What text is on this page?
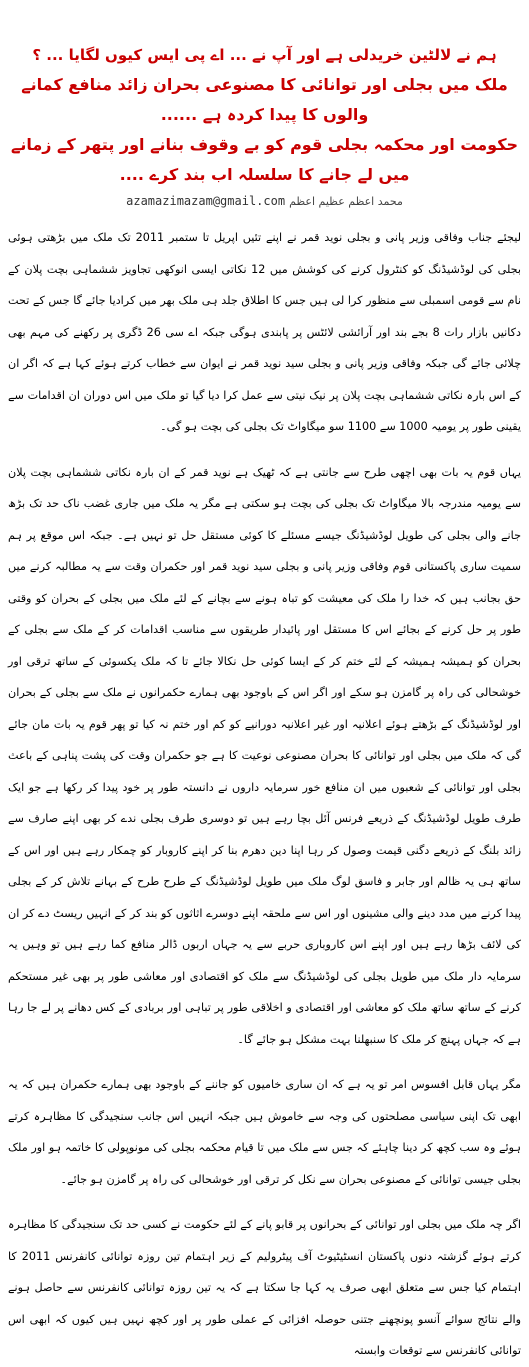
ہم نے لالٹین خریدلی ہے اور آپ نے ... اے پی ایس کیوں لگایا ... ؟

ملک میں بجلی اور توانائی کا مصنوعی بحران زائد منافع کمانے والوں کا پیدا کردہ ہے ......

حکومت اور محکمہ بجلی قوم کو بے وقوف بنانے اور پتھر کے زمانے میں لے جانے کا سلسلہ اب بند کرے ....

azamazimazam@gmail.com محمد اعظم عظیم اعظم

لیجئے جناب وفاقی وزیر پانی و بجلی نوید قمر نے اپنے تئیں اپریل تا ستمبر 2011 تک ملک میں بڑھتی ہوئی بجلی کی لوڈشیڈنگ کو کنٹرول کرنے کی کوشش میں 12 نکاتی ایسی انوکھی تجاویز ششماہی بچت پلان کے نام سے قومی اسمبلی سے منظور کرا لی ہیں جس کا اطلاق جلد ہی ملک بھر میں کرادیا جائے گا جس کے تحت دکانیں بازار رات 8 بجے بند اور آرائشی لائٹس پر پابندی ہوگی جبکہ اے سی 26 ڈگری پر رکھنے کی مہم بھی چلائی جائے گی جبکہ وفاقی وزیر پانی و بجلی سید نوید قمر نے ایوان سے خطاب کرتے ہوئے کہا ہے کہ اگر ان کے اس بارہ نکاتی ششماہی بچت پلان پر نیک نیتی سے عمل کرا دیا گیا تو ملک میں اس دوران ان اقدامات سے یقینی طور پر یومیہ 1000 سے 1100 سو میگاواٹ تک بجلی کی بچت ہو گی۔

یہاں قوم یہ بات بھی اچھی طرح سے جانتی ہے کہ ٹھیک ہے نوید قمر کے ان بارہ نکاتی ششماہی بچت پلان سے یومیہ مندرجہ بالا میگاواٹ تک بجلی کی بچت ہو سکتی ہے مگر یہ ملک میں جاری غضب ناک حد تک بڑھ جانے والی بجلی کی طویل لوڈشیڈنگ جیسے مسئلے کا کوئی مستقل حل تو نہیں ہے۔ جبکہ اس موقع پر ہم سمیت ساری پاکستانی قوم وفاقی وزیر پانی و بجلی سید نوید قمر اور حکمران وقت سے یہ مطالبہ کرنے میں حق بجانب ہیں کہ خدا را ملک کی معیشت کو تباہ ہونے سے بچانے کے لئے ملک میں بجلی کے بحران کو وقتی طور پر حل کرنے کے بجائے اس کا مستقل اور پائیدار طریقوں سے مناسب اقدامات کر کے ملک سے بجلی کے بحران کو ہمیشہ ہمیشہ کے لئے ختم کر کے ایسا کوئی حل نکالا جائے تا کہ ملک یکسوئی کے ساتھ ترقی اور خوشحالی کی راہ پر گامزن ہو سکے اور اگر اس کے باوجود بھی ہمارے حکمرانوں نے ملک سے بجلی کے بحران اور لوڈشیڈنگ کے بڑھتے ہوئے اعلانیہ اور غیر اعلانیہ دورانیے کو کم اور ختم نہ کیا تو پھر قوم یہ بات مان جائے گی کہ ملک میں بجلی اور توانائی کا بحران مصنوعی نوعیت کا ہے جو حکمران وقت کی پشت پناہی کے باعث بجلی اور توانائی کے شعبوں میں ان منافع خور سرمایہ داروں نے دانستہ طور پر خود پیدا کر رکھا ہے جو ایک طرف طویل لوڈشیڈنگ کے ذریعے فرنس آئل بچا رہے ہیں تو دوسری طرف بجلی ندے کر بھی اپنے صارف سے زائد بلنگ کے ذریعے دگنی قیمت وصول کر رہا اپنا دین دھرم بنا کر اپنے کاروبار کو چمکار رہے ہیں اور اس کے ساتھ ہی یہ ظالم اور جابر و فاسق لوگ ملک میں طویل لوڈشیڈنگ کے طرح طرح کے بہانے تلاش کر کے بجلی پیدا کرنے میں مدد دینے والی مشینوں اور اس سے ملحقہ اپنے دوسرے اثاثوں کو بند کر کے انہیں ریسٹ دے کر ان کی لائف بڑھا رہے ہیں اور اپنے اس کاروباری حربے سے یہ جہاں اربوں ڈالر منافع کما رہے ہیں تو وہیں یہ سرمایہ دار ملک میں طویل بجلی کی لوڈشیڈنگ سے ملک کو اقتصادی اور معاشی طور پر بھی غیر مستحکم کرنے کے ساتھ ساتھ ملک کو معاشی اور اقتصادی و اخلاقی طور پر تباہی اور بربادی کے کس دھانے پر لے جا رہا ہے کہ جہاں پہنچ کر ملک کا سنبھلنا بہت مشکل ہو جائے گا۔

مگر یہاں قابل افسوس امر تو یہ ہے کہ ان ساری خامیوں کو جاننے کے باوجود بھی ہمارے حکمران ہیں کہ یہ ابھی تک اپنی سیاسی مصلحتوں کی وجہ سے خاموش ہیں جبکہ انہیں اس جانب سنجیدگی کا مظاہرہ کرتے ہوئے وہ سب کچھ کر دینا چاہئے کہ جس سے ملک میں تا قیام محکمہ بجلی کی مونوپولی کا خاتمہ ہو اور ملک بجلی جیسی توانائی کے مصنوعی بحران سے نکل کر ترقی اور خوشحالی کی راہ پر گامزن ہو جائے۔

اگر چہ ملک میں بجلی اور توانائی کے بحرانوں پر قابو پانے کے لئے حکومت نے کسی حد تک سنجیدگی کا مظاہرہ کرتے ہوئے گزشتہ دنوں پاکستان انسٹیٹیوٹ آف پیٹرولیم کے زیر اہتمام تین روزہ توانائی کانفرنس 2011 کا اہتمام کیا جس سے متعلق ابھی صرف یہ کہا جا سکتا ہے کہ یہ تین روزہ توانائی کانفرنس سے حاصل ہونے والے نتائج سوائے آنسو پونچھنے جتنی حوصلہ افزائی کے عملی طور پر اور کچھ نہیں ہیں کیوں کہ ابھی اس توانائی کانفرنس سے توقعات وابستہ
